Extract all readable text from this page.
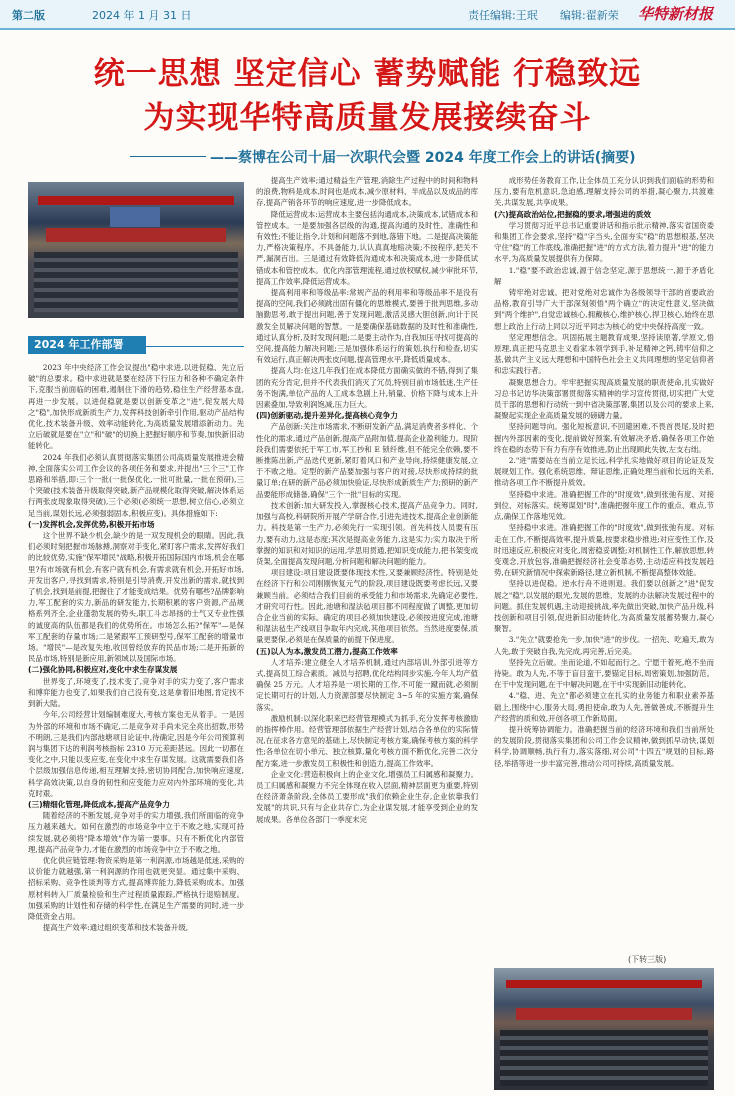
第二版	2024 年 1 月 31 日	责任编辑:王珉 编辑:翟新荣 华特新材报
统一思想 坚定信心 蓄势赋能 行稳致远
为实现华特高质量发展接续奋斗
——蔡博在公司十届一次职代会暨 2024 年度工作会上的讲话(摘要)
2024 年工作部署

2023 年中央经济工作会议提出"稳中求进,以进促稳、先立后破"的总要求。稳中求进就是要在经济下行压力和各种不确定条件下,克服当前面临的困难,遏制住下滑的趋势,稳住生产经营基本盘,再进一步发展。以进促稳就是要以创新变革之"进",促发展大局之"稳",加快形成新质生产力,发挥科技创新牵引作用,驱动产品结构优化,技术装备升级、效率动能转化,为高质量发展增添新动力。先立后破就是要在"立"和"破"的切换上把握好顺序和节奏,加快新旧动能转化。

2024 年我们必须认真贯彻落实集团公司高质量发展推进会精神,全面落实公司工作会议的各项任务和要求,并提出"三个三"工作思路和举措,即:三个一批(一批保优化,一批可批量,一批在预研),三个突破(技术装备升级取得突破,新产品规模化取得突破,解决体系运行两张皮现象取得突破),三个必须(必须统一思想,树立信心,必须立足当前,谋划长远,必须强弱固本,积极应变)。具体措施如下:

(一)发挥机会,发挥优势,积极开拓市场

这个世界不缺少机会,缺少的是一双发现机会的眼睛。因此,我们必须时刻把握市场脉搏,洞察对手变化,紧盯客户需求,发挥好我们的比较优势,实施"保军增民"战略,积极开拓国际国内市场,机会在哪里?有市场就有机会,有客户就有机会,有需求就有机会,开拓好市场,开发出客户,寻找到需求,特别是引导消费,开发出新的需求,就找到了机会,找到是前提,把握住了才能变成结果。优势有哪些?品牌影响力,军工配套的实力,新品的研发能力,长期积累的客户资源,产品规格系列齐全,企业蓬勃发展的势头,职工斗志昂扬的士气又专业性强的诚度高的队伍都是我们的优势所在。市场怎么拓?"保军"—是保军工配套的存量市场;二是紧跟军工预研型号,保军工配套的增量市场。"增民"—是改复失地,收回曾经放弃的民品市场;二是开拓新的民品市场,特别是新应用,新领域以及国际市场。

(二)强化协同,积极应对,变化中求生存谋发展

世界变了,环境变了,技术变了,竞争对手的实力变了,客户需求和博弈能力也变了,如果我们自己没有变,这是拿着旧地图,肯定找不到新大陆。

今年,公司经营计划编制难度大,考核方案也无从着手。一是因为外部的环境和市场不确定,二是竞争对手尚未完全亮出招数,形势不明朗,三是我们内部池塘项目论证中,待确定,因是今年公司预算利润与集团下达的利润考核指标 2310 万元差距甚远。因此一切都在变化之中,只能以变应变,在变化中求生存谋发展。这就需要我们各个层级加强信息传递,相互理解支持,密切协同配合,加快响应速度,科学高效决策,以自身的韧性和应变能力应对内外部环境的变化,共克时艰。

(三)精细化管理,降低成本,提高产品竞争力

随着经济的不断发展,竞争对手的实力增强,我们所面临的竞争压力越来越大。如何在激烈的市场竞争中立于不败之地,实现可持续发展,就必须将"降本增效"作为第一要事。只有不断优化内部管理,提高产品竞争力,才能在激烈的市场竞争中立于不败之地。

优化供应链管理:物资采购是第一利润源,市场越是低迷,采购的议价能力就越强,第一利润源的作用也就更突显。通过集中采购、招标采购、竞争性谈判等方式,提高博弈能力,降低采购成本。加强原材料转入厂质量检验和生产过程质量跟踪,严格执行退赔制度。加强采购的计划性和存储的科学性,在满足生产需要的同时,进一步降低资金占用。

提高生产效率:通过组织变革和技术装备升级,

提高生产效率;通过精益生产管理,消除生产过程中的时间和物料的浪费,物料是成本,时间也是成本,减少原材料、半成品以及成品的库存,提高产销各环节的响应速度,进一步降低成本。

降低运营成本:运营成本主要包括沟通成本,决策成本,试错成本和管控成本。一是要加强各层级的沟通,提高沟通的及时性、准确性和有效性;不能让指令,计划和问题落不到地,落错下地。二是提高决策能力,严格决策程序。不具备能力,认认真真地赔决策;不按程序,把关不严,漏洞百出。三是通过有效降低沟通成本和决策成本,进一步降低试错成本和管控成本。优化内部管理流程,通过放权赋权,减少审批环节,提高工作效率,降低运营成本。

提高利用率和等级品率:常规产品的利用率和等级品率不是没有提高的空间,我们必须跳出固有僵化的思维模式,要善于批判思维,多动脑勤思考,敢于提出问题,善于发现问题,激活灵感大胆创新,向计于民激发全员解决问题的智慧。一是要确保基础数据的及时性和准确性,通过认真分析,及时发现问题;二是要主动作为,自我加压寻找可提高的空间,提高能力解决问题;三是加强体系运行的策划,执行和检查,切实有效运行,真正解决两张皮问题,提高管理水平,降低质量成本。

提高人均:在这几年我们在成本降低方面确实做的不错,得到了集团的充分肯定,但并不代表我们消灭了冗员,特别目前市场低迷,生产任务不饱满,单位产品的人工成本急剧上升,销量、价格下降与成本上升因素叠加,导致利润饱减,压力巨大。

(四)创新驱动,提升差异化,提高核心竞争力

产品创新:关注市场需求,不断研发新产品,满足消费者多样化、个性化的需求,通过产品创新,提高产品附加值,提高企业盈利能力。现阶段我们需要依托于军工市,军工抄和 E 锁纤维,但不能完全依赖,要不断推陈出新,产品迭代更新,紧盯着风口和产业导向,持续健康发展,立于不败之地。定型的新产品要加强与客户的对接,尽快形成持续的批量订单;在研的新产品必须加快验证,尽快形成新质生产力;预研的新产品要能形成储备,确保"三个一批"目标的实现。

技术创新:加大研发投入,掌握核心技术,提高产品竞争力。同时,加强与高校,科研院所开展产学研合作,引进先进技术,提高企业创新能力。科技是第一生产力,必须先行一实现引领。首先科技人员要有压力,要有动力,这是态度;其次是提高业务能力,这是实力;实力取决于所掌握的知识和对知识的运用,学思用贯通,把知识变成能力,把书架变成货架,全面提高发现问题,分析问题和解决问题的能力。

项目建设:项目建设既要体现技术性,又要兼顾经济性。特别是处在经济下行和公司刚刚恢复元气的阶段,项目建设既要考虑长远,又要兼顾当前。必须结合我们目前的承受能力和市场需求,先确定必要性,才研究可行性。因此,池塘和湿法毡项目都不同程度做了调整,更加切合企业当前的实际。确定的项目必须加快建设,必须按进度完成,池塘和湿法毡生产线项目争取年内完成,其他项目依然。当然进度要保,质量更要保,必须是在保质量的前提下保进度。

(五)以人为本,激发员工潜力,提高工作效率

人才培养:建立健全人才培养机制,通过内部培训,外部引进等方式,提高员工综合素质。减员与招聘,优化结构同步实施,今年人均产值确保 25 万元。人才培养是一项长期的工作,不可能一蹴而就,必须制定长期可行的计划,人力资源部要尽快制定 3~5 年的实施方案,确保落实。

激励机制:以深化职来巴经营管理模式为抓手,充分发挥考核激励的指挥棒作用。经营管理部依据生产经营计划,结合各单位的实际情况,在征求各方意见的基础上,尽快制定考核方案,确保考核方案的科学性;各单位在切小单元、独立核算,量化考核方面不断优化,完善二次分配方案,进一步激发员工积极性和创造力,提高工作效率。

企业文化:营造积极向上的企业文化,增强员工归属感和凝聚力。员工归属感和凝聚力不完全体现在收入层面,精神层面更为重要,特别在经济萧条阶段,全体员工要形成"我们依赖企业生存,企业依靠我们发展"的共识,只有与企业共存亡,为企业谋发展,才能享受到企业的发展成果。各单位各部门一季度末完

成形势任务教育工作,让全体员工充分认识到我们面临的形势和压力,要有危机意识,急迫感,理解支持公司的举措,凝心聚力,共渡难关,共谋发展,共享成果。

(六)提高政治站位,把握稳的要求,增强进的质效

学习贯彻习近平总书记重要讲话和指示批示精神,落实省国资委和集团工作会要求,坚持"稳"字当头,全面夯实"稳"的思想根基,坚决守住"稳"的工作底线,准确把握"进"的方式方法,着力提升"进"的能力水平,为高质量发展提供有力保障。

1."稳"要不政治忠诚,源于信念坚定,源于思想统一,源于矛盾化解

铸牢绝对忠诚。把对党绝对忠诚作为各级领导干部的首要政治品格,教育引导广大干部深刻领悟"两个确立"的决定性意义,坚决做到"两个维护",自觉忠诚核心,拥戴核心,维护核心,捍卫核心,始终在思想上政治上行动上同以习近平同志为核心的党中央保持高度一致。

坚定理想信念。巩固拓展主题教育成果,坚持读原著,学原文,悟原理,真正把马克思主义看家本领学到手,补足精神之钙,铸牢信仰之基,做共产主义远大理想和中国特色社会主义共同理想的坚定信仰者和忠实践行者。

凝聚思想合力。牢牢把握实现高质量发展的职责使命,扎实做好习总书记访华决策部署贯彻落实精神的学习宣传贯彻,切实把广大党员干部的思想和行动统一到中省决策部署,集团以及公司的要求上来,凝聚起实现企业高质量发展的磅礴力量。

坚持问题导向。强化短板意识,不回避困难,不畏首畏尾,及时把握内外部因素的变化,提前做好预案,有效解决矛盾,确保各项工作始终在稳的态势下有力有序有效推进,防止出现顾此失彼,左支右绌。

2."进"需要站在当前立足长远,科学扎实地做好项目的论证及发展规划工作。强化系统思维、辩证思维,正确处理当前和长远的关系,推动各项工作不断提升质效。

坚持稳中求进。准确把握工作的"时度效",做到张弛有度、对接到位、对标落实。统筹谋划"时",准确把握年度工作的重点、难点,节点,确保工作落地见效。

坚持稳中求进。准确把握工作的"时度效",做到张弛有度。对标走在工作,不断提高效率,提升质量,按要求稳步推进;对应变性工作,及时迅速反应,积极应对变化,周密稳妥调整;对机制性工作,解放思想,转变观念,开放包容,准确把握经济社会变革态势,主动适应科技发展趋势,在研究新情况中探索新路径,建立新机制,不断提高整体效能。

坚持以进促稳。逆水行舟不进则退。我们要以创新之"进"促发展之"稳",以发展的眼光,发展的思维、发展的办法解决发展过程中的问题。抓住发展机遇,主动迎接挑战,率先做出突破,加快产品升级,科技创新和项目引领,促进新旧动能转化,为高质量发展蓄势聚力,凝心聚智。

3."先立"就要抢先一步,加快"进"的步伐。一招先、吃遍天,敢为人先,敢于突破自我,先完成,再完善,后完美。

坚持先立后破。坐而论道,不如起而行之。宁愿干着死,绝不坐而待毙。敢为人先,不等于盲目蛮干,要锚定目标,周密策划,加强防范。在干中发现问题,在干中解决问题,在干中实现新旧动能转化。

4."稳、进、先立"都必须建立在扎实的业务能力和职业素养基础上,围绕中心,服务大局,勇担使命,敢为人先,善做善成,不断提升生产经营的质和效,开创各项工作新局面。

提升统筹协调能力。准确把握当前的经济环境和我们当前所处的发展阶段,贯彻落实集团和公司工作会议精神,做到抓早动快,谋划科学,协调顺畅,执行有力,落实落细,对公司"十四五"规划的目标,路径,举措等进一步丰富完善,推动公司可持续,高质量发展。

(下转三版)
